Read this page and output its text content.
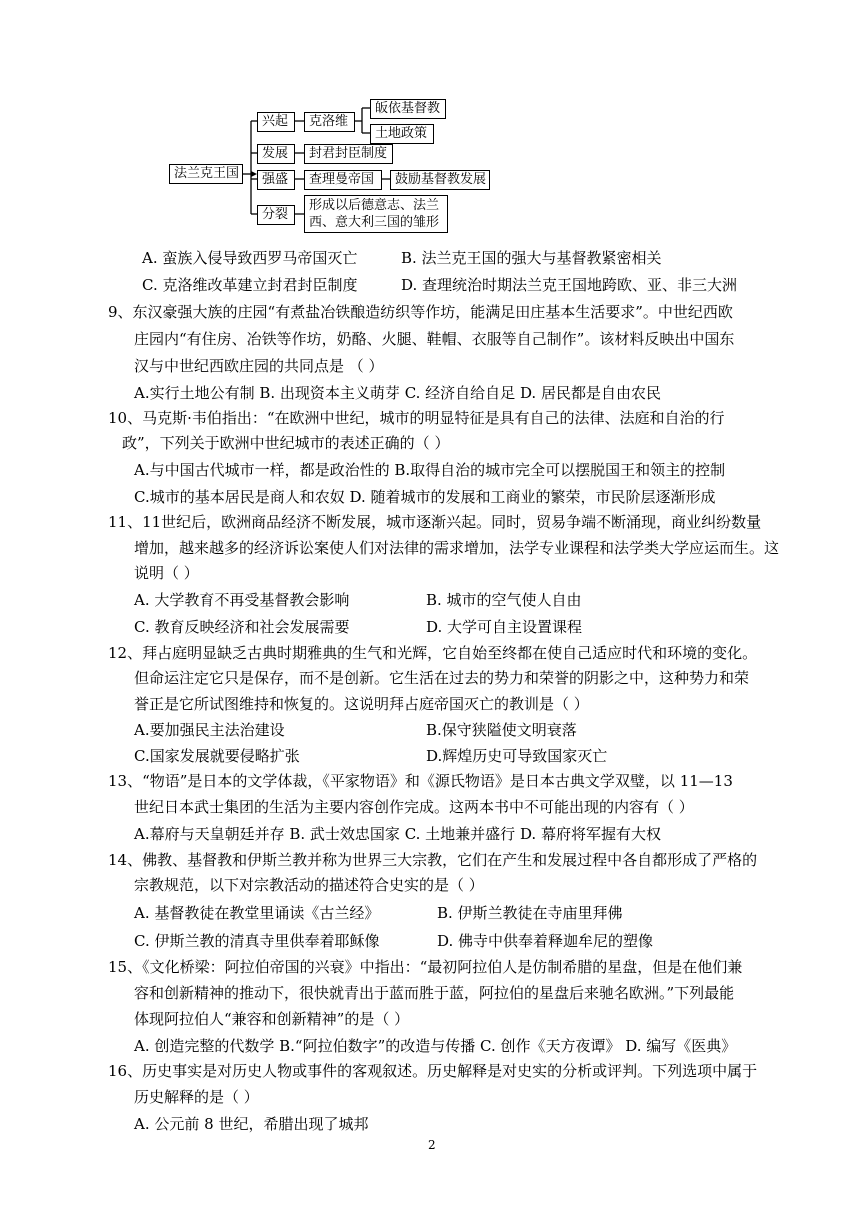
法兰克王国
兴起	克洛维
皈依基督教
土地政策
发展	封君封臣制度
强盛	查理曼帝国	鼓励基督教发展
分裂
形成以后德意志、法兰西、意大利三国的雏形
A. 蛮族入侵导致西罗马帝国灭亡	B. 法兰克王国的强大与基督教紧密相关
C. 克洛维改革建立封君封臣制度	D. 查理统治时期法兰克王国地跨欧、亚、非三大洲
9、东汉豪强大族的庄园“有煮盐冶铁酿造纺织等作坊，能满足田庄基本生活要求”。中世纪西欧
庄园内“有住房、冶铁等作坊，奶酪、火腿、鞋帽、衣服等自己制作”。该材料反映出中国东
汉与中世纪西欧庄园的共同点是 （ ）
A.实行土地公有制 B. 出现资本主义萌芽 C. 经济自给自足 D. 居民都是自由农民
10、马克斯·韦伯指出：“在欧洲中世纪，城市的明显特征是具有自己的法律、法庭和自治的行
政”，下列关于欧洲中世纪城市的表述正确的（ ）
A.与中国古代城市一样，都是政治性的 B.取得自治的城市完全可以摆脱国王和领主的控制
C.城市的基本居民是商人和农奴 D. 随着城市的发展和工商业的繁荣，市民阶层逐渐形成
11、11世纪后，欧洲商品经济不断发展，城市逐渐兴起。同时，贸易争端不断涌现，商业纠纷数量
增加，越来越多的经济诉讼案使人们对法律的需求增加，法学专业课程和法学类大学应运而生。这
说明（ ）
A. 大学教育不再受基督教会影响	B. 城市的空气使人自由
C. 教育反映经济和社会发展需要	D. 大学可自主设置课程
12、拜占庭明显缺乏古典时期雅典的生气和光辉，它自始至终都在使自己适应时代和环境的变化。
但命运注定它只是保存，而不是创新。它生活在过去的势力和荣誉的阴影之中，这种势力和荣
誉正是它所试图维持和恢复的。这说明拜占庭帝国灭亡的教训是（ ）
A.要加强民主法治建设	B.保守狭隘使文明衰落
C.国家发展就要侵略扩张	D.辉煌历史可导致国家灭亡
13、“物语”是日本的文学体裁，《平家物语》和《源氏物语》是日本古典文学双璧，以 11—13
世纪日本武士集团的生活为主要内容创作完成。这两本书中不可能出现的内容有（ ）
A.幕府与天皇朝廷并存 B. 武士效忠国家 C. 土地兼并盛行 D. 幕府将军握有大权
14、佛教、基督教和伊斯兰教并称为世界三大宗教，它们在产生和发展过程中各自都形成了严格的
宗教规范，以下对宗教活动的描述符合史实的是（ ）
A. 基督教徒在教堂里诵读《古兰经》	B. 伊斯兰教徒在寺庙里拜佛
C. 伊斯兰教的清真寺里供奉着耶稣像	D. 佛寺中供奉着释迦牟尼的塑像
15、《文化桥梁：阿拉伯帝国的兴衰》中指出：“最初阿拉伯人是仿制希腊的星盘，但是在他们兼
容和创新精神的推动下，很快就青出于蓝而胜于蓝，阿拉伯的星盘后来驰名欧洲。”下列最能
体现阿拉伯人“兼容和创新精神”的是（ ）
A. 创造完整的代数学 B.“阿拉伯数字”的改造与传播 C. 创作《天方夜谭》 D. 编写《医典》
16、历史事实是对历史人物或事件的客观叙述。历史解释是对史实的分析或评判。下列选项中属于
历史解释的是（ ）
A. 公元前 8 世纪，希腊出现了城邦
2
